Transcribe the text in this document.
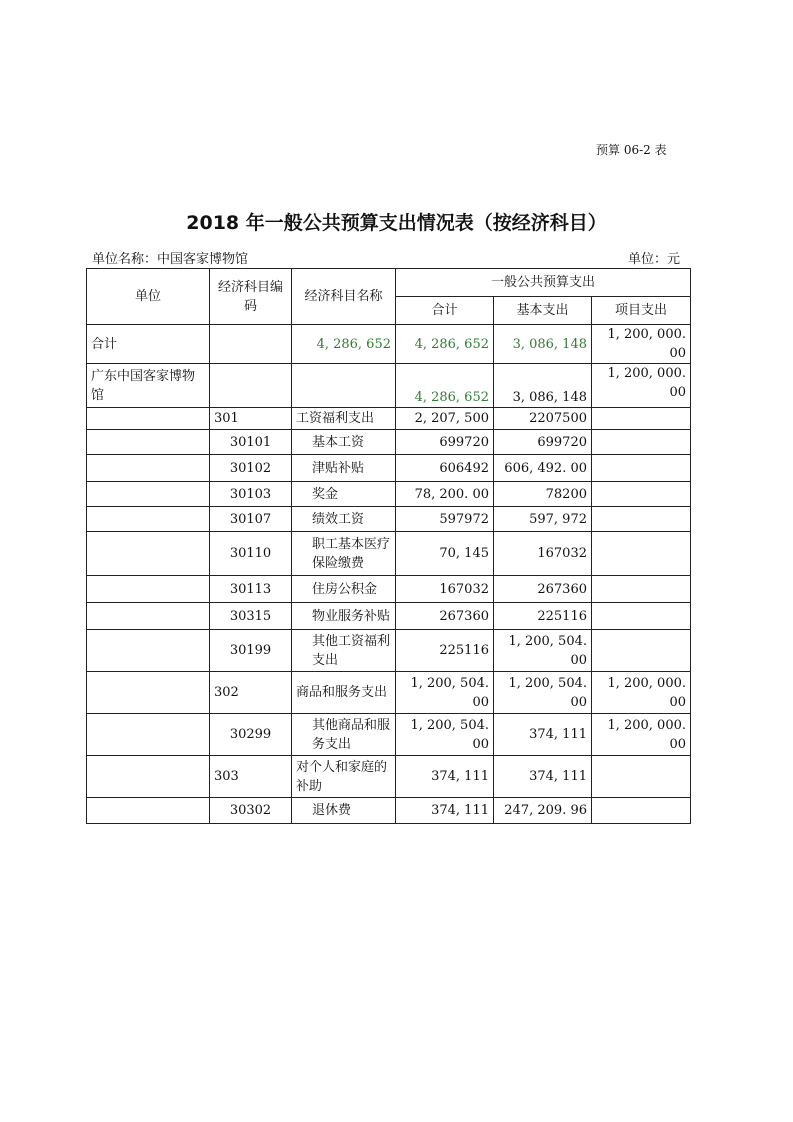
预算 06-2 表
2018 年一般公共预算支出情况表（按经济科目）
单位名称：中国客家博物馆	单位：元
单位	经济科目编码	经济科目名称	一般公共预算支出		
			合计	基本支出	项目支出
合计		4, 286, 652	4, 286, 652	3, 086, 148	1, 200, 000. 00
广东中国客家博物馆			4, 286, 652	3, 086, 148	1, 200, 000. 00
	301	工资福利支出	2, 207, 500	2207500	
	30101	基本工资	699720	699720	
	30102	津贴补贴	606492	606, 492. 00	
	30103	奖金	78, 200. 00	78200	
	30107	绩效工资	597972	597, 972	
	30110	职工基本医疗保险缴费	70, 145	167032	
	30113	住房公积金	167032	267360	
	30315	物业服务补贴	267360	225116	
	30199	其他工资福利支出	225116	1, 200, 504. 00	
	302	商品和服务支出	1, 200, 504. 00	1, 200, 504. 00	1, 200, 000. 00
	30299	其他商品和服务支出	1, 200, 504. 00	374, 111	1, 200, 000. 00
	303	对个人和家庭的补助	374, 111	374, 111	
	30302	退休费	374, 111	247, 209. 96	
